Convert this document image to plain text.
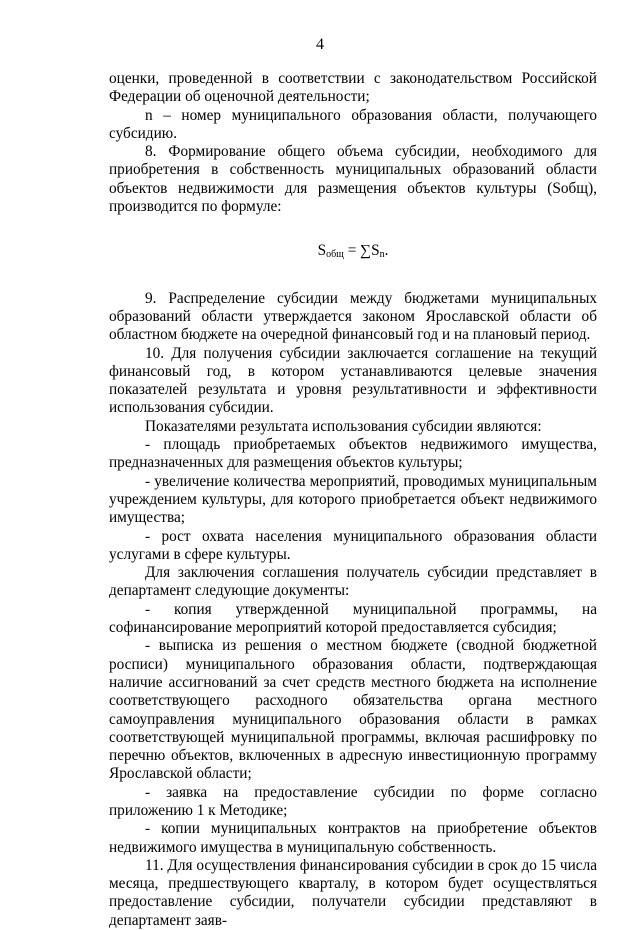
4

оценки, проведенной в соответствии с законодательством Российской Федерации об оценочной деятельности;

n – номер муниципального образования области, получающего субсидию.

8. Формирование общего объема субсидии, необходимого для приобретения в собственность муниципальных образований области объектов недвижимости для размещения объектов культуры (Sобщ), производится по формуле:

$S_{общ} = \sum S_n$.

9. Распределение субсидии между бюджетами муниципальных образований области утверждается законом Ярославской области об областном бюджете на очередной финансовый год и на плановый период.

10. Для получения субсидии заключается соглашение на текущий финансовый год, в котором устанавливаются целевые значения показателей результата и уровня результативности и эффективности использования субсидии.

Показателями результата использования субсидии являются:

- площадь приобретаемых объектов недвижимого имущества, предназначенных для размещения объектов культуры;

- увеличение количества мероприятий, проводимых муниципальным учреждением культуры, для которого приобретается объект недвижимого имущества;

- рост охвата населения муниципального образования области услугами в сфере культуры.

Для заключения соглашения получатель субсидии представляет в департамент следующие документы:

- копия утвержденной муниципальной программы, на софинансирование мероприятий которой предоставляется субсидия;

- выписка из решения о местном бюджете (сводной бюджетной росписи) муниципального образования области, подтверждающая наличие ассигнований за счет средств местного бюджета на исполнение соответствующего расходного обязательства органа местного самоуправления муниципального образования области в рамках соответствующей муниципальной программы, включая расшифровку по перечню объектов, включенных в адресную инвестиционную программу Ярославской области;

- заявка на предоставление субсидии по форме согласно приложению 1 к Методике;

- копии муниципальных контрактов на приобретение объектов недвижимого имущества в муниципальную собственность.

11. Для осуществления финансирования субсидии в срок до 15 числа месяца, предшествующего кварталу, в котором будет осуществляться предоставление субсидии, получатели субсидии представляют в департамент заяв-
